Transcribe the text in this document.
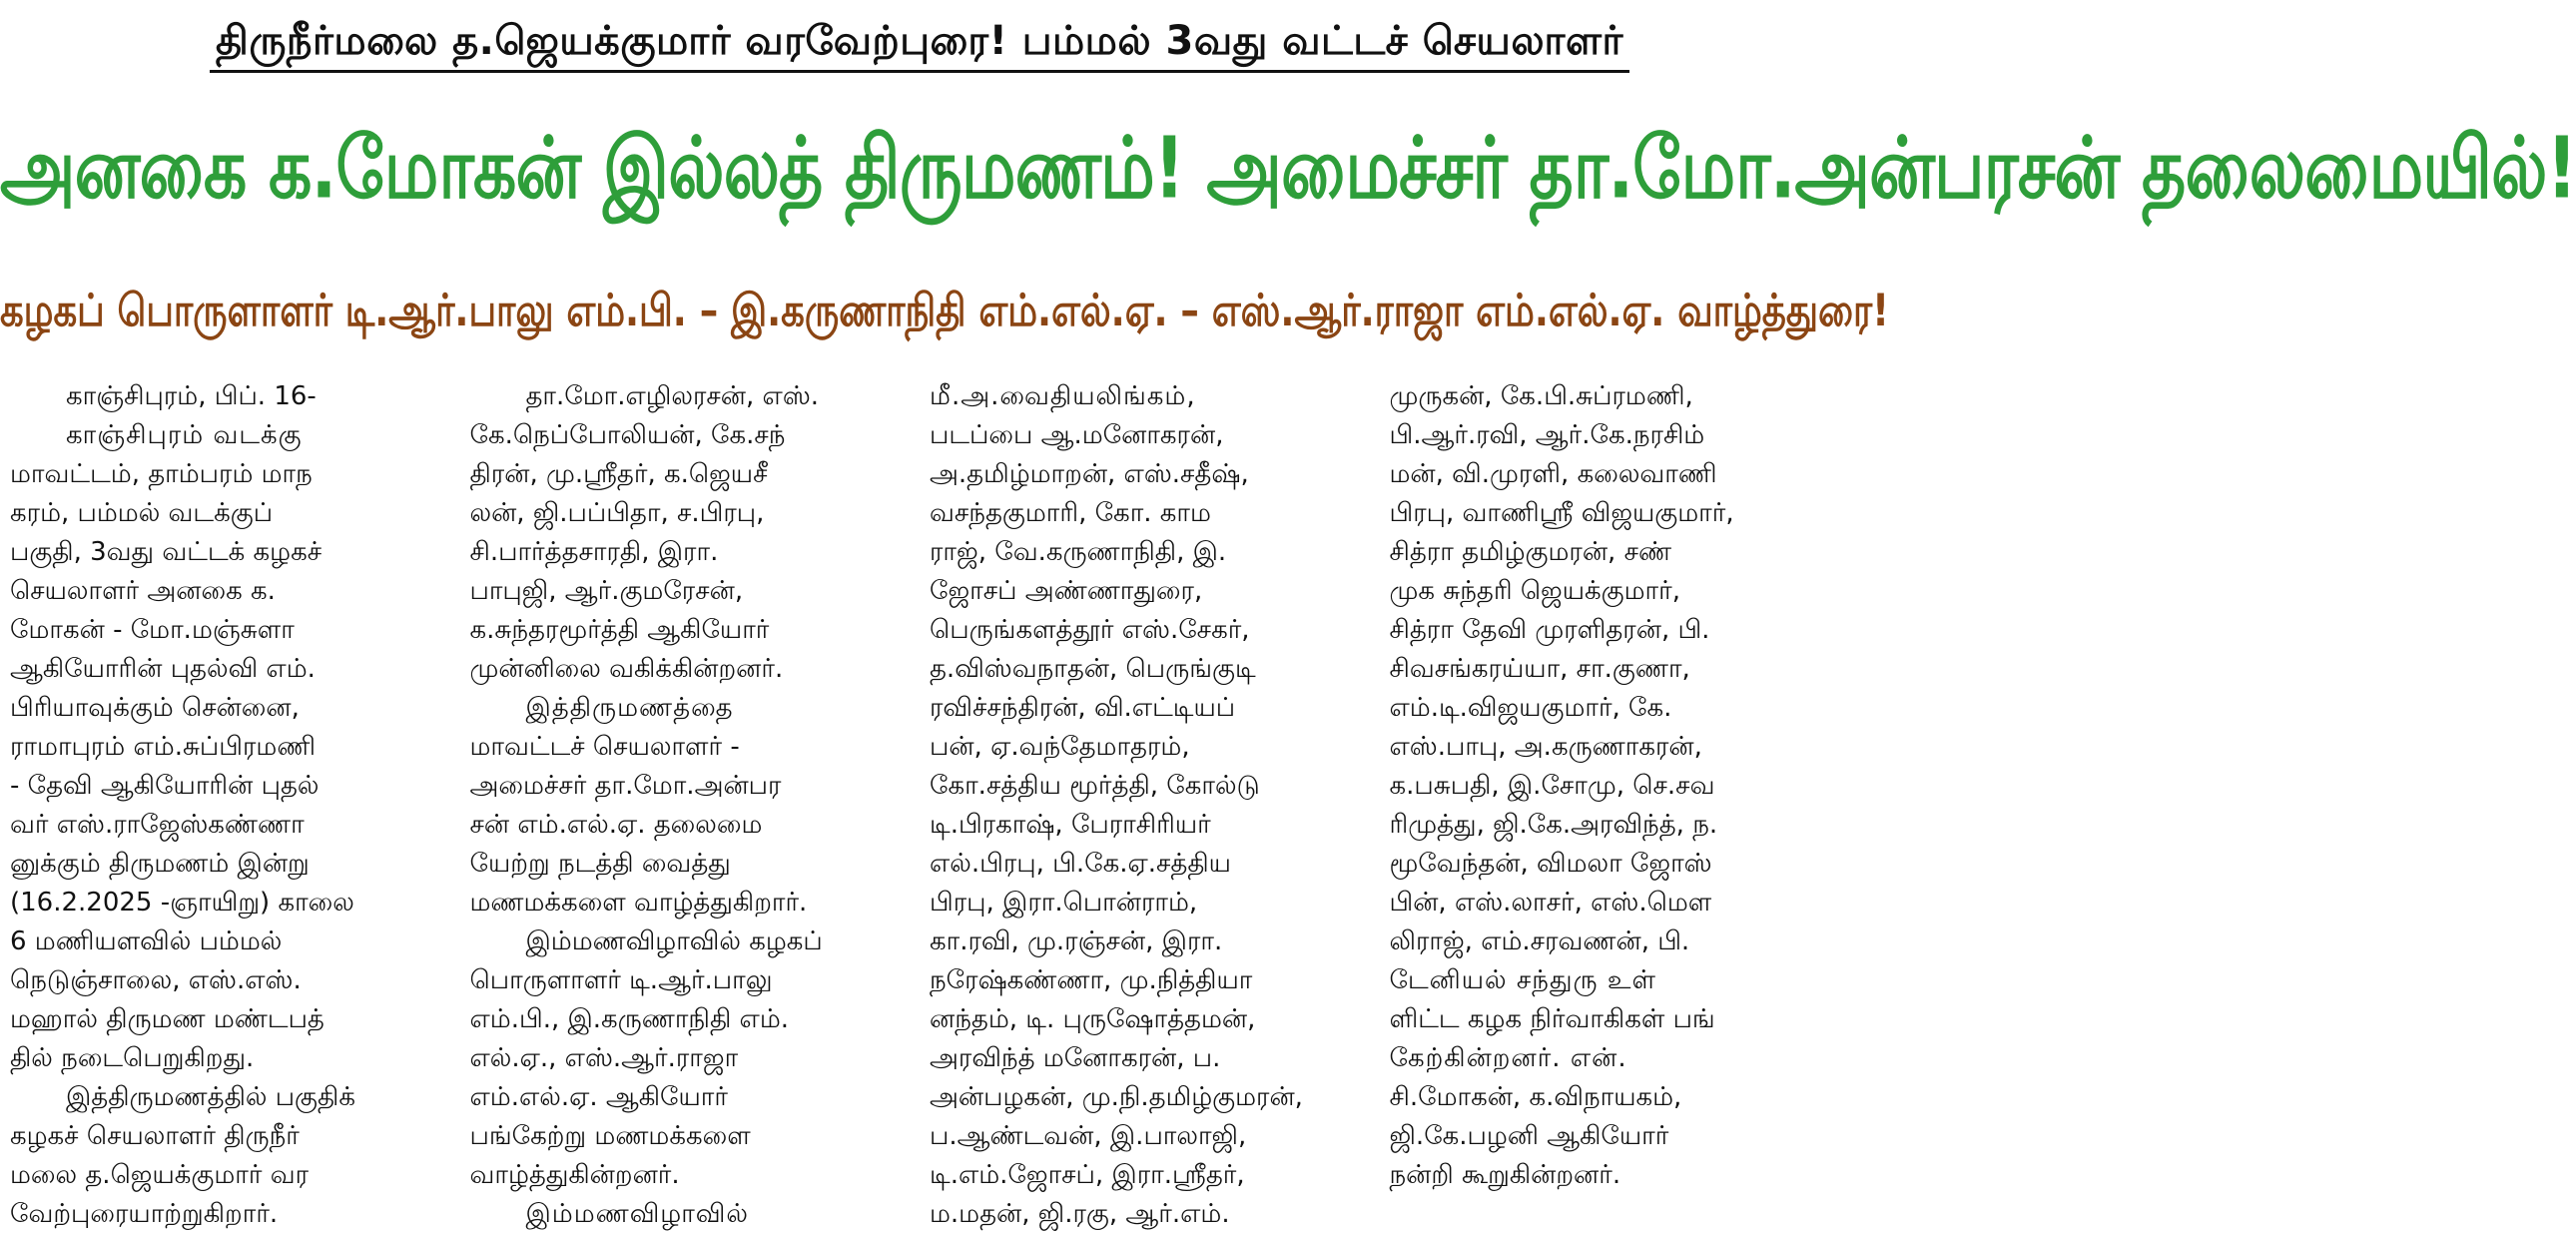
திருநீர்மலை த.ஜெயக்குமார் வரவேற்புரை! பம்மல் 3வது வட்டச் செயலாளர்
அனகை க.மோகன் இல்லத் திருமணம்! அமைச்சர் தா.மோ.அன்பரசன் தலைமையில்!
கழகப் பொருளாளர் டி.ஆர்.பாலு எம்.பி. – இ.கருணாநிதி எம்.எல்.ஏ. – எஸ்.ஆர்.ராஜா எம்.எல்.ஏ. வாழ்த்துரை!

காஞ்சிபுரம், பிப். 16-

காஞ்சிபுரம் வடக்கு

மாவட்டம், தாம்பரம் மாந

கரம், பம்மல் வடக்குப்

பகுதி, 3வது வட்டக் கழகச்

செயலாளர் அனகை க.

மோகன் - மோ.மஞ்சுளா

ஆகியோரின் புதல்வி எம்.

பிரியாவுக்கும் சென்னை,

ராமாபுரம் எம்.சுப்பிரமணி

- தேவி ஆகியோரின் புதல்

வர் எஸ்.ராஜேஸ்கண்ணா

னுக்கும் திருமணம் இன்று

(16.2.2025 -ஞாயிறு) காலை

6 மணியளவில் பம்மல்

நெடுஞ்சாலை, எஸ்.எஸ்.

மஹால் திருமண மண்டபத்

தில் நடைபெறுகிறது.

இத்திருமணத்தில் பகுதிக்

கழகச் செயலாளர் திருநீர்

மலை த.ஜெயக்குமார் வர

வேற்புரையாற்றுகிறார்.

தா.மோ.எழிலரசன், எஸ்.

கே.நெப்போலியன், கே.சந்

திரன், மு.ஸ்ரீதர், க.ஜெயசீ

லன், ஜி.பப்பிதா, ச.பிரபு,

சி.பார்த்தசாரதி, இரா.

பாபுஜி, ஆர்.குமரேசன்,

க.சுந்தரமூர்த்தி ஆகியோர்

முன்னிலை வகிக்கின்றனர்.

இத்திருமணத்தை

மாவட்டச் செயலாளர் -

அமைச்சர் தா.மோ.அன்பர

சன் எம்.எல்.ஏ. தலைமை

யேற்று நடத்தி வைத்து

மணமக்களை வாழ்த்துகிறார்.

இம்மணவிழாவில் கழகப்

பொருளாளர் டி.ஆர்.பாலு

எம்.பி., இ.கருணாநிதி எம்.

எல்.ஏ., எஸ்.ஆர்.ராஜா

எம்.எல்.ஏ. ஆகியோர்

பங்கேற்று மணமக்களை

வாழ்த்துகின்றனர்.

இம்மணவிழாவில்

மீ.அ.வைதியலிங்கம்,

படப்பை ஆ.மனோகரன்,

அ.தமிழ்மாறன், எஸ்.சதீஷ்,

வசந்தகுமாரி, கோ. காம

ராஜ், வே.கருணாநிதி, இ.

ஜோசப் அண்ணாதுரை,

பெருங்களத்தூர் எஸ்.சேகர்,

த.விஸ்வநாதன், பெருங்குடி

ரவிச்சந்திரன், வி.எட்டியப்

பன், ஏ.வந்தேமாதரம்,

கோ.சத்திய மூர்த்தி, கோல்டு

டி.பிரகாஷ், பேராசிரியர்

எல்.பிரபு, பி.கே.ஏ.சத்திய

பிரபு, இரா.பொன்ராம்,

கா.ரவி, மு.ரஞ்சன், இரா.

நரேஷ்கண்ணா, மு.நித்தியா

னந்தம், டி. புருஷோத்தமன்,

அரவிந்த் மனோகரன், ப.

அன்பழகன், மு.நி.தமிழ்குமரன்,

ப.ஆண்டவன், இ.பாலாஜி,

டி.எம்.ஜோசப், இரா.ஸ்ரீதர்,

ம.மதன், ஜி.ரகு, ஆர்.எம்.

முருகன், கே.பி.சுப்ரமணி,

பி.ஆர்.ரவி, ஆர்.கே.நரசிம்

மன், வி.முரளி, கலைவாணி

பிரபு, வாணிஸ்ரீ விஜயகுமார்,

சித்ரா தமிழ்குமரன், சண்

முக சுந்தரி ஜெயக்குமார்,

சித்ரா தேவி முரளிதரன், பி.

சிவசங்கரய்யா, சா.குணா,

எம்.டி.விஜயகுமார், கே.

எஸ்.பாபு, அ.கருணாகரன்,

க.பசுபதி, இ.சோமு, செ.சவ

ரிமுத்து, ஜி.கே.அரவிந்த், ந.

மூவேந்தன், விமலா ஜோஸ்

பின், எஸ்.லாசர், எஸ்.மௌ

லிராஜ், எம்.சரவணன், பி.

டேனியல் சந்துரு உள்

ளிட்ட கழக நிர்வாகிகள் பங்

கேற்கின்றனர். என்.

சி.மோகன், க.விநாயகம்,

ஜி.கே.பழனி ஆகியோர்

நன்றி கூறுகின்றனர்.
